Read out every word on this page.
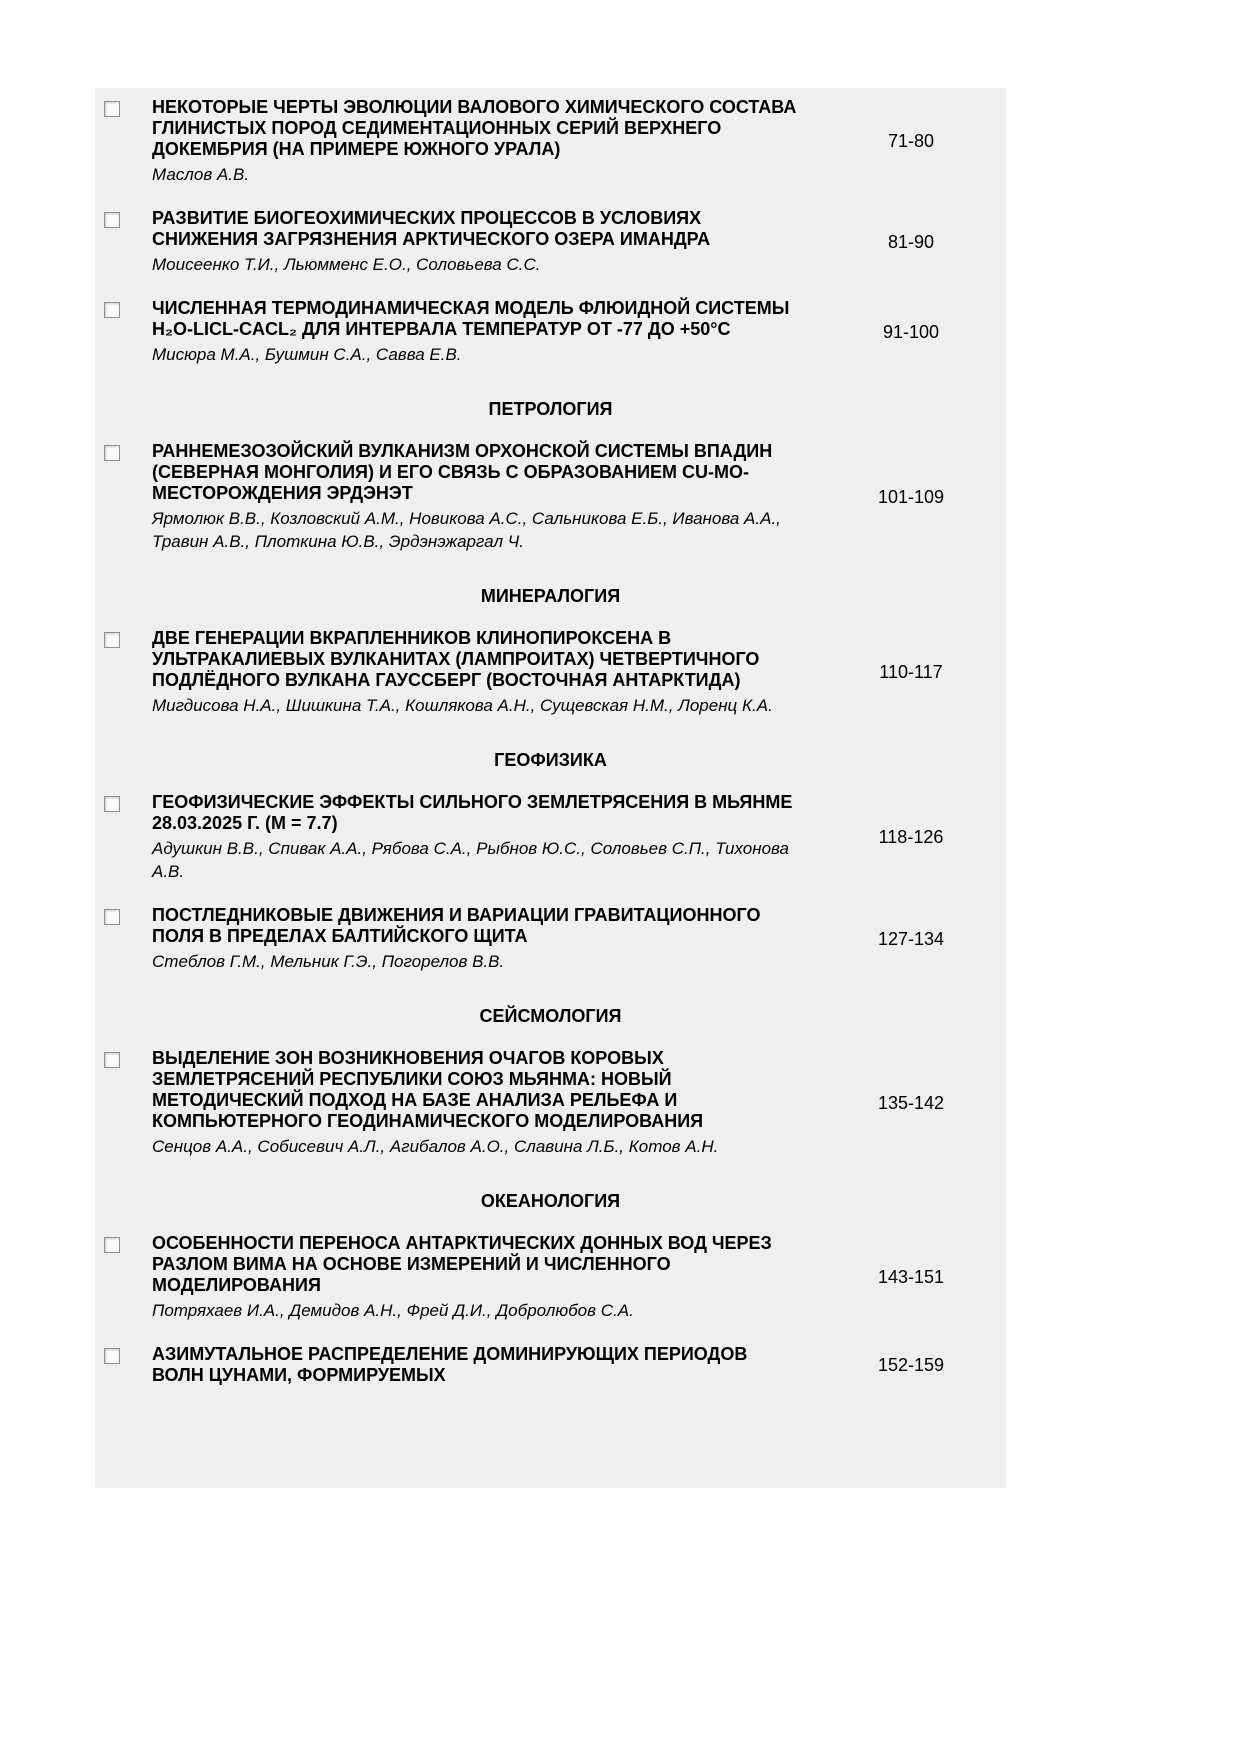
НЕКОТОРЫЕ ЧЕРТЫ ЭВОЛЮЦИИ ВАЛОВОГО ХИМИЧЕСКОГО СОСТАВА ГЛИНИСТЫХ ПОРОД СЕДИМЕНТАЦИОННЫХ СЕРИЙ ВЕРХНЕГО ДОКЕМБРИЯ (НА ПРИМЕРЕ ЮЖНОГО УРАЛА)
Маслов А.В.
71-80
РАЗВИТИЕ БИОГЕОХИМИЧЕСКИХ ПРОЦЕССОВ В УСЛОВИЯХ СНИЖЕНИЯ ЗАГРЯЗНЕНИЯ АРКТИЧЕСКОГО ОЗЕРА ИМАНДРА
Моисеенко Т.И., Льюмменс Е.О., Соловьева С.С.
81-90
ЧИСЛЕННАЯ ТЕРМОДИНАМИЧЕСКАЯ МОДЕЛЬ ФЛЮИДНОЙ СИСТЕМЫ H₂O-LICL-CACL₂ ДЛЯ ИНТЕРВАЛА ТЕМПЕРАТУР ОТ -77 ДО +50°С
Мисюра М.А., Бушмин С.А., Савва Е.В.
91-100
ПЕТРОЛОГИЯ
РАННЕМЕЗОЗОЙСКИЙ ВУЛКАНИЗМ ОРХОНСКОЙ СИСТЕМЫ ВПАДИН (СЕВЕРНАЯ МОНГОЛИЯ) И ЕГО СВЯЗЬ С ОБРАЗОВАНИЕМ CU-MO-МЕСТОРОЖДЕНИЯ ЭРДЭНЭТ
Ярмолюк В.В., Козловский А.М., Новикова А.С., Сальникова Е.Б., Иванова А.А., Травин А.В., Плоткина Ю.В., Эрдэнэжаргал Ч.
101-109
МИНЕРАЛОГИЯ
ДВЕ ГЕНЕРАЦИИ ВКРАПЛЕННИКОВ КЛИНОПИРОКСЕНА В УЛЬТРАКАЛИЕВЫХ ВУЛКАНИТАХ (ЛАМПРОИТАХ) ЧЕТВЕРТИЧНОГО ПОДЛЁДНОГО ВУЛКАНА ГАУССБЕРГ (ВОСТОЧНАЯ АНТАРКТИДА)
Мигдисова Н.А., Шишкина Т.А., Кошлякова А.Н., Сущевская Н.М., Лоренц К.А.
110-117
ГЕОФИЗИКА
ГЕОФИЗИЧЕСКИЕ ЭФФЕКТЫ СИЛЬНОГО ЗЕМЛЕТРЯСЕНИЯ В МЬЯНМЕ 28.03.2025 Г. (M = 7.7)
Адушкин В.В., Спивак А.А., Рябова С.А., Рыбнов Ю.С., Соловьев С.П., Тихонова А.В.
118-126
ПОСТЛЕДНИКОВЫЕ ДВИЖЕНИЯ И ВАРИАЦИИ ГРАВИТАЦИОННОГО ПОЛЯ В ПРЕДЕЛАХ БАЛТИЙСКОГО ЩИТА
Стеблов Г.М., Мельник Г.Э., Погорелов В.В.
127-134
СЕЙСМОЛОГИЯ
ВЫДЕЛЕНИЕ ЗОН ВОЗНИКНОВЕНИЯ ОЧАГОВ КОРОВЫХ ЗЕМЛЕТРЯСЕНИЙ РЕСПУБЛИКИ СОЮЗ МЬЯНМА: НОВЫЙ МЕТОДИЧЕСКИЙ ПОДХОД НА БАЗЕ АНАЛИЗА РЕЛЬЕФА И КОМПЬЮТЕРНОГО ГЕОДИНАМИЧЕСКОГО МОДЕЛИРОВАНИЯ
Сенцов А.А., Собисевич А.Л., Агибалов А.О., Славина Л.Б., Котов А.Н.
135-142
ОКЕАНОЛОГИЯ
ОСОБЕННОСТИ ПЕРЕНОСА АНТАРКТИЧЕСКИХ ДОННЫХ ВОД ЧЕРЕЗ РАЗЛОМ ВИМА НА ОСНОВЕ ИЗМЕРЕНИЙ И ЧИСЛЕННОГО МОДЕЛИРОВАНИЯ
Потряхаев И.А., Демидов А.Н., Фрей Д.И., Добролюбов С.А.
143-151
АЗИМУТАЛЬНОЕ РАСПРЕДЕЛЕНИЕ ДОМИНИРУЮЩИХ ПЕРИОДОВ ВОЛН ЦУНАМИ, ФОРМИРУЕМЫХ
152-159
